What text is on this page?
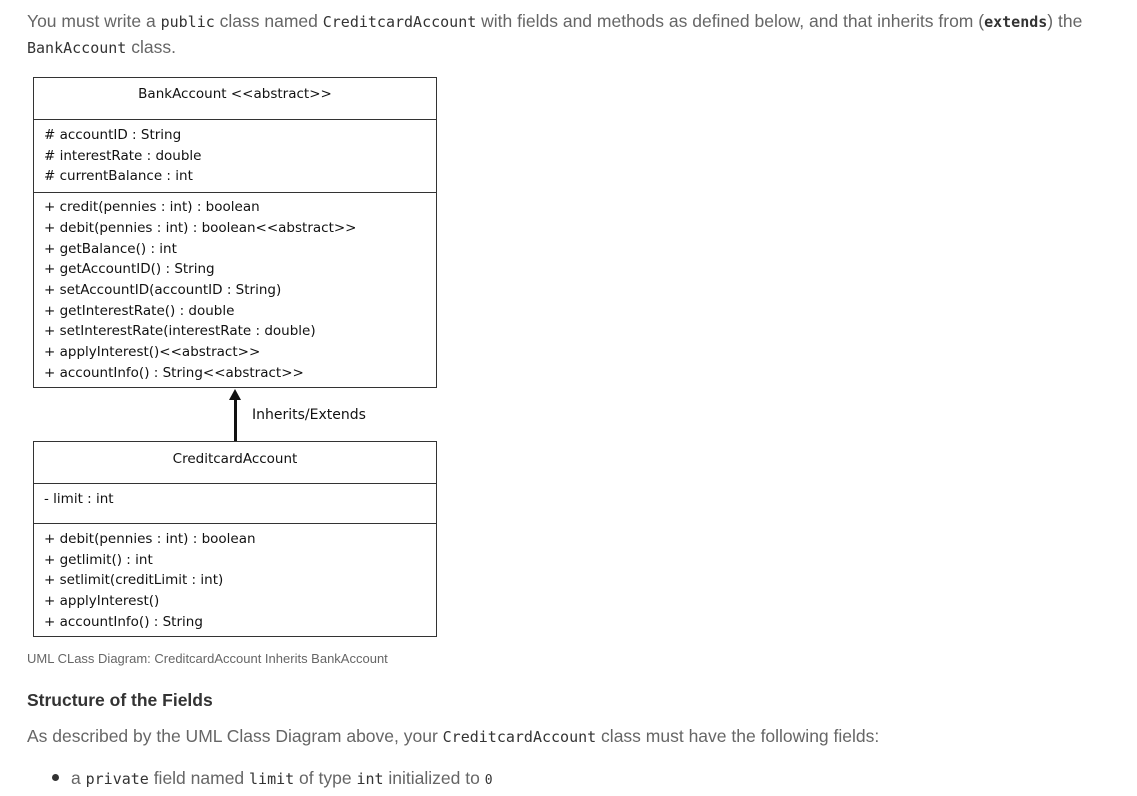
You must write a public class named CreditcardAccount with fields and methods as defined below, and that inherits from (extends) the BankAccount class.
BankAccount <<abstract>>
# accountID : String
# interestRate : double
# currentBalance : int
+ credit(pennies : int) : boolean
+ debit(pennies : int) : boolean<<abstract>>
+ getBalance() : int
+ getAccountID() : String
+ setAccountID(accountID : String)
+ getInterestRate() : double
+ setInterestRate(interestRate : double)
+ applyInterest()<<abstract>>
+ accountInfo() : String<<abstract>>
Inherits/Extends
CreditcardAccount
- limit : int
+ debit(pennies : int) : boolean
+ getlimit() : int
+ setlimit(creditLimit : int)
+ applyInterest()
+ accountInfo() : String
UML CLass Diagram: CreditcardAccount Inherits BankAccount
Structure of the Fields
As described by the UML Class Diagram above, your CreditcardAccount class must have the following fields:
a private field named limit of type int initialized to 0
